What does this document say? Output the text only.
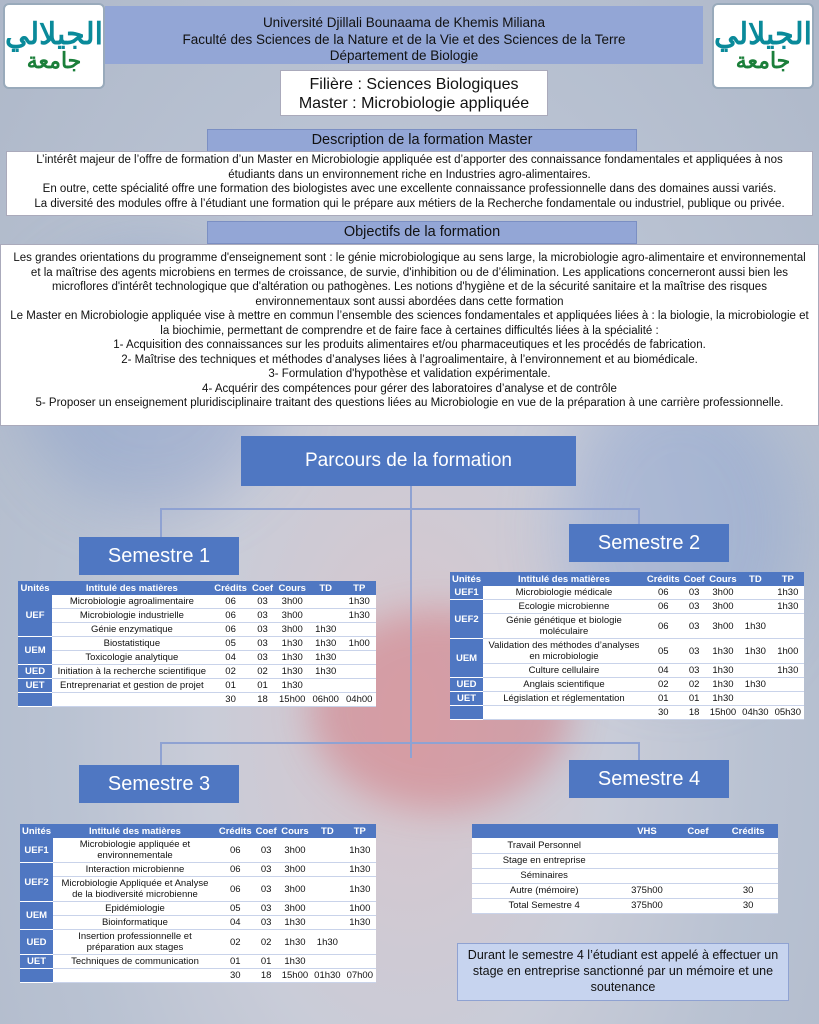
الجيلالي
جامعة
الجيلالي
جامعة
Université Djillali Bounaama de Khemis Miliana
Faculté des Sciences de la Nature et de la Vie et des Sciences de la Terre
Département de Biologie
Filière : Sciences Biologiques
Master : Microbiologie appliquée
Description de la formation Master
L’intérêt majeur de l’offre de formation d’un Master en Microbiologie appliquée est d’apporter des connaissance fondamentales et appliquées à nos étudiants dans un environnement riche en Industries agro-alimentaires.
En outre, cette spécialité offre une formation des biologistes avec une excellente connaissance professionnelle dans des domaines aussi variés.
La diversité des modules offre à l’étudiant une formation qui le prépare aux métiers de la Recherche fondamentale ou industriel, publique ou privée.
Objectifs de la formation
Les grandes orientations du programme d'enseignement sont : le génie microbiologique au sens large, la microbiologie agro-alimentaire et environnemental et la maîtrise des agents microbiens en termes de croissance, de survie, d'inhibition ou de d’élimination. Les applications concerneront aussi bien les microflores d'intérêt technologique que d'altération ou pathogènes. Les notions d'hygiène et de la sécurité sanitaire et la maîtrise des risques environnementaux sont aussi abordées dans cette formation
Le Master en Microbiologie appliquée vise à mettre en commun l’ensemble des sciences fondamentales et appliquées liées à : la biologie, la microbiologie et la biochimie, permettant de comprendre et de faire face à certaines difficultés liées à la spécialité :
1- Acquisition des connaissances sur les produits alimentaires et/ou pharmaceutiques et les procédés de fabrication.
2- Maîtrise des techniques et méthodes d’analyses liées à l’agroalimentaire, à l’environnement et au biomédicale.
3- Formulation d'hypothèse et validation expérimentale.
4- Acquérir des compétences pour gérer des laboratoires d’analyse et de contrôle
5- Proposer un enseignement pluridisciplinaire traitant des questions liées au Microbiologie en vue de la préparation à une carrière professionnelle.
Parcours de la formation
Semestre 1
Semestre 2
Semestre 3	Semestre 4
Unités	Intitulé des matières	Crédits	Coef	Cours	TD	TP
UEF	Microbiologie agroalimentaire	06	03	3h00		1h30
	Microbiologie industrielle	06	03	3h00		1h30
	Génie enzymatique	06	03	3h00	1h30	
UEM	Biostatistique	05	03	1h30	1h30	1h00
	Toxicologie analytique	04	03	1h30	1h30	
UED	Initiation à la recherche scientifique	02	02	1h30	1h30	
UET	Entreprenariat et gestion de projet	01	01	1h30		
		30	18	15h00	06h00	04h00
Unités	Intitulé des matières	Crédits	Coef	Cours	TD	TP
UEF1	Microbiologie médicale	06	03	3h00		1h30
UEF2	Ecologie microbienne	06	03	3h00		1h30
	Génie génétique et biologie moléculaire	06	03	3h00	1h30	
UEM	Validation des méthodes d’analyses en microbiologie	05	03	1h30	1h30	1h00
	Culture cellulaire	04	03	1h30		1h30
UED	Anglais scientifique	02	02	1h30	1h30	
UET	Législation et réglementation	01	01	1h30		
		30	18	15h00	04h30	05h30
Unités	Intitulé des matières	Crédits	Coef	Cours	TD	TP
UEF1	Microbiologie appliquée et environnementale	06	03	3h00		1h30
UEF2	Interaction microbienne	06	03	3h00		1h30
	Microbiologie Appliquée et Analyse de la biodiversité microbienne	06	03	3h00		1h30
UEM	Epidémiologie	05	03	3h00		1h00
	Bioinformatique	04	03	1h30		1h30
UED	Insertion professionnelle et préparation aux stages	02	02	1h30	1h30	
UET	Techniques de communication	01	01	1h30		
		30	18	15h00	01h30	07h00
	VHS	Coef	Crédits
Travail Personnel			
Stage en entreprise			
Séminaires			
Autre (mémoire)	375h00		30
Total Semestre 4	375h00		30
Durant le semestre 4 l’étudiant est appelé à effectuer un stage en entreprise sanctionné par un mémoire et une soutenance
